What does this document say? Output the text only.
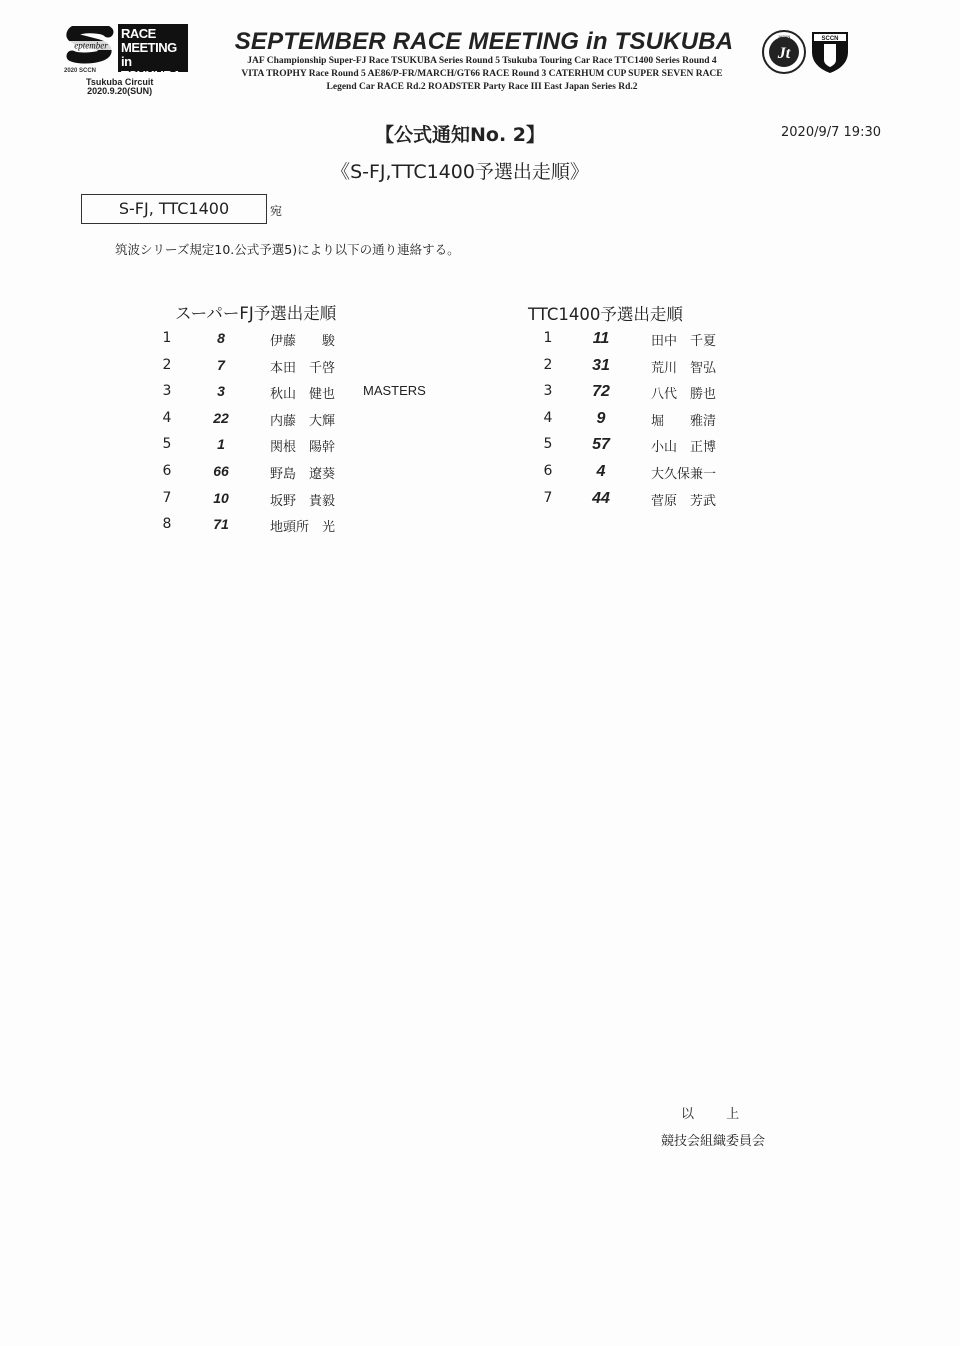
eptember
RACE
MEETING
in TSUKUBA
2020 SCCN
Tsukuba Circuit
2020.9.20(SUN)
SEPTEMBER RACE MEETING in TSUKUBA
JAF Championship Super-FJ Race TSUKUBA Series Round 5 Tsukuba Touring Car Race TTC1400 Series Round 4
VITA TROPHY Race Round 5 AE86/P-FR/MARCH/GT66 RACE Round 3 CATERHUM CUP SUPER SEVEN RACE
Legend Car RACE Rd.2 ROADSTER Party Race III East Japan Series Rd.2
Jt
JAPAN	SCCN
【公式通知No. 2】	2020/9/7 19:30
《S-FJ,TTC1400予選出走順》
S-FJ, TTC1400	宛
筑波シリーズ規定10.公式予選5)により以下の通り連絡する。
スーパーFJ予選出走順
1	8	伊藤　　駿
2	7	本田　千啓
3	3	秋山　健也 MASTERS
4	22	内藤　大輝
5	1	関根　陽幹
6	66	野島　遼葵
7	10	坂野　貴毅
8	71	地頭所　光
TTC1400予選出走順
1	11	田中　千夏
2	31	荒川　智弘
3	72	八代　勝也
4	9	堀　　雅清
5	57	小山　正博
6	4	大久保兼一
7	44	菅原　芳武
以 上
競技会組織委員会
